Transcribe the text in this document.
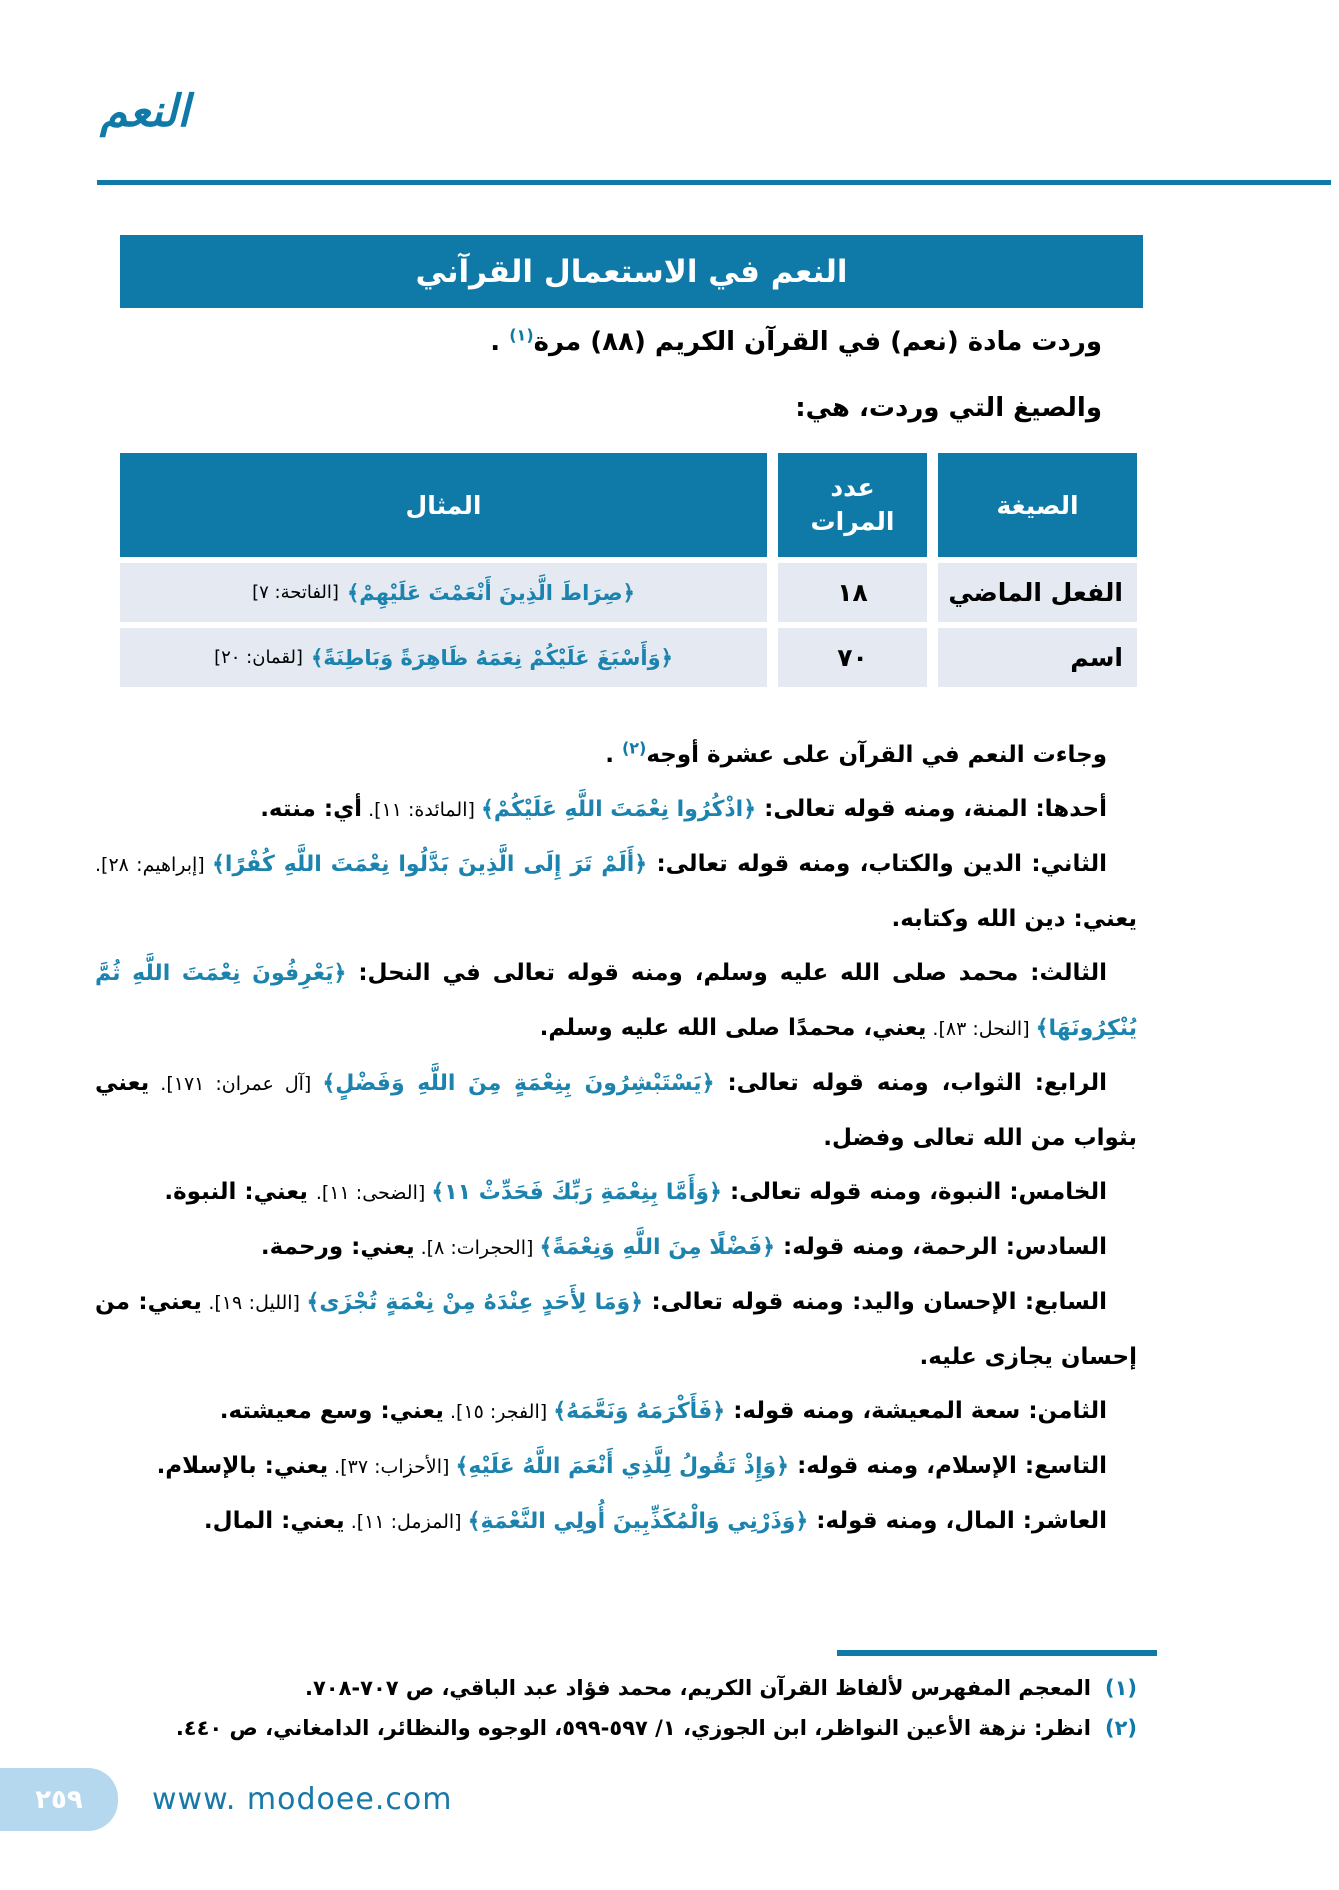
النعم
النعم في الاستعمال القرآني

وردت مادة (نعم) في القرآن الكريم (٨٨) مرة$^{(١)}$ .

والصيغ التي وردت، هي:

الصيغة
عدد
المرات
المثال
الفعل الماضي
١٨
﴿صِرَاطَ الَّذِينَ أَنْعَمْتَ عَلَيْهِمْ﴾
[الفاتحة: ٧]
اسم
٧٠
﴿وَأَسْبَغَ عَلَيْكُمْ نِعَمَهُ ظَاهِرَةً وَبَاطِنَةً﴾
[لقمان: ٢٠]

وجاءت النعم في القرآن على عشرة أوجه$^{(٢)}$ .

أحدها: المنة، ومنه قوله تعالى: ﴿اذْكُرُوا نِعْمَتَ اللَّهِ عَلَيْكُمْ﴾ [المائدة: ١١]. أي: منته.

الثاني: الدين والكتاب، ومنه قوله تعالى: ﴿أَلَمْ تَرَ إِلَى الَّذِينَ بَدَّلُوا نِعْمَتَ اللَّهِ كُفْرًا﴾ [إبراهيم: ٢٨]. يعني: دين الله وكتابه.

الثالث: محمد صلى الله عليه وسلم، ومنه قوله تعالى في النحل: ﴿يَعْرِفُونَ نِعْمَتَ اللَّهِ ثُمَّ يُنْكِرُونَهَا﴾ [النحل: ٨٣]. يعني، محمدًا صلى الله عليه وسلم.

الرابع: الثواب، ومنه قوله تعالى: ﴿يَسْتَبْشِرُونَ بِنِعْمَةٍ مِنَ اللَّهِ وَفَضْلٍ﴾ [آل عمران: ١٧١]. يعني بثواب من الله تعالى وفضل.

الخامس: النبوة، ومنه قوله تعالى: ﴿وَأَمَّا بِنِعْمَةِ رَبِّكَ فَحَدِّثْ ١١﴾ [الضحى: ١١]. يعني: النبوة.

السادس: الرحمة، ومنه قوله: ﴿فَضْلًا مِنَ اللَّهِ وَنِعْمَةً﴾ [الحجرات: ٨]. يعني: ورحمة.

السابع: الإحسان واليد: ومنه قوله تعالى: ﴿وَمَا لِأَحَدٍ عِنْدَهُ مِنْ نِعْمَةٍ تُجْزَى﴾ [الليل: ١٩]. يعني: من إحسان يجازى عليه.

الثامن: سعة المعيشة، ومنه قوله: ﴿فَأَكْرَمَهُ وَنَعَّمَهُ﴾ [الفجر: ١٥]. يعني: وسع معيشته.

التاسع: الإسلام، ومنه قوله: ﴿وَإِذْ تَقُولُ لِلَّذِي أَنْعَمَ اللَّهُ عَلَيْهِ﴾ [الأحزاب: ٣٧]. يعني: بالإسلام.

العاشر: المال، ومنه قوله: ﴿وَذَرْنِي وَالْمُكَذِّبِينَ أُولِي النَّعْمَةِ﴾ [المزمل: ١١]. يعني: المال.

(١)المعجم المفهرس لألفاظ القرآن الكريم، محمد فؤاد عبد الباقي، ص ٧٠٧-٧٠٨.

(٢)انظر: نزهة الأعين النواظر، ابن الجوزي، ١/ ٥٩٧-٥٩٩، الوجوه والنظائر، الدامغاني، ص ٤٤٠.

٢٥٩ www. modoee.com
